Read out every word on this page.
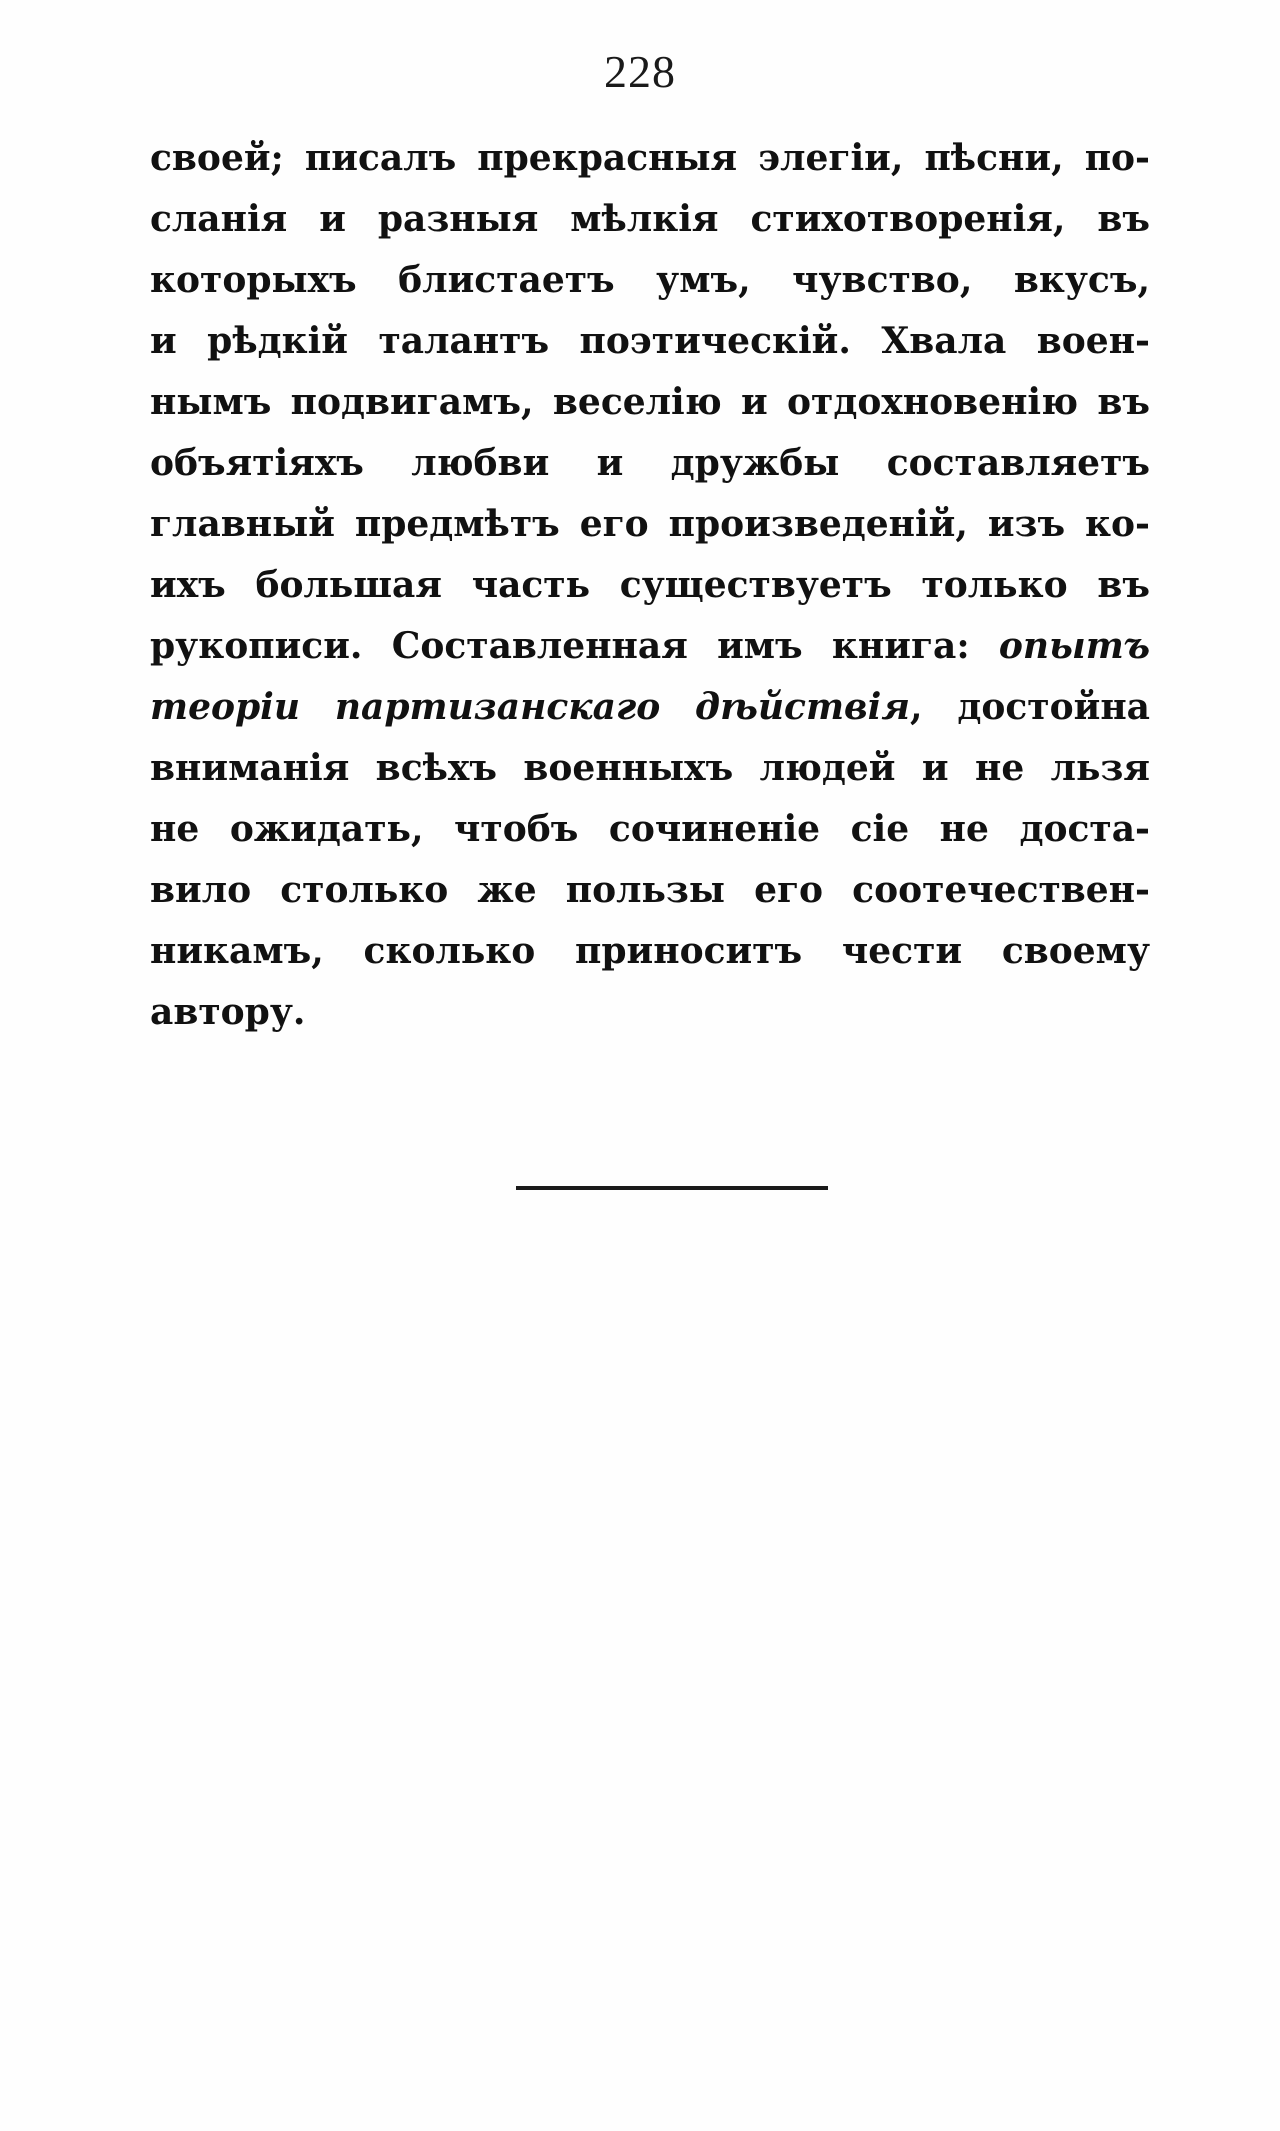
228
своей; писалъ прекрасныя элегіи, пѣсни, по-
сланія и разныя мѣлкія стихотворенія, въ
которыхъ блистаетъ умъ, чувство, вкусъ,
и рѣдкій талантъ поэтическій. Хвала воен-
нымъ подвигамъ, веселію и отдохновенію въ
объятіяхъ любви и дружбы составляетъ
главный предмѣтъ его произведеній, изъ ко-
ихъ большая часть существуетъ только въ
рукописи. Составленная имъ книга: опытъ
теоріи партизанскаго дѣйствія, достойна
вниманія всѣхъ военныхъ людей и не льзя
не ожидать, чтобъ сочиненіе сіе не доста-
вило столько же пользы его соотечествен-
никамъ, сколько приноситъ чести своему
автору.
